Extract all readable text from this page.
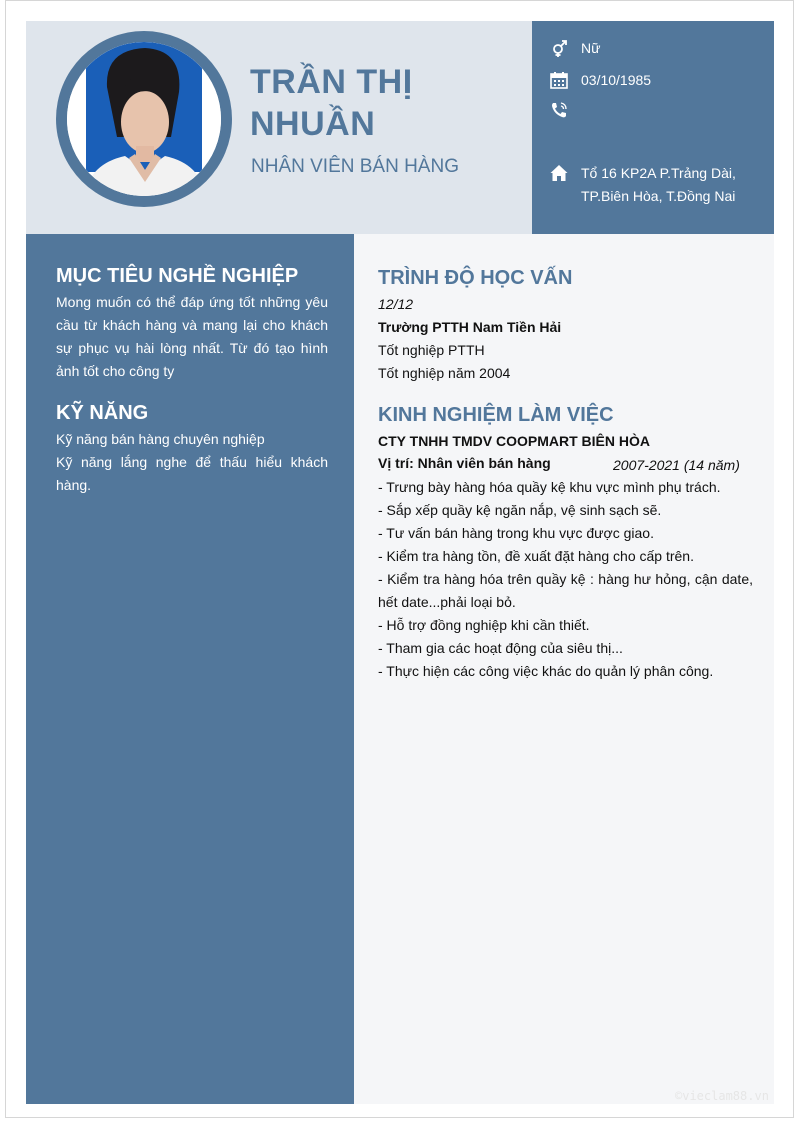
TRẦN THỊ
NHUẦN
NHÂN VIÊN BÁN HÀNG
Nữ
03/10/1985
Tổ 16 KP2A P.Trảng Dài,
TP.Biên Hòa, T.Đồng Nai
MỤC TIÊU NGHỀ NGHIỆP
Mong muốn có thể đáp ứng tốt những yêu cầu từ khách hàng và mang lại cho khách sự phục vụ hài lòng nhất. Từ đó tạo hình ảnh tốt cho công ty
KỸ NĂNG
Kỹ năng bán hàng chuyên nghiệp
Kỹ năng lắng nghe để thấu hiểu khách hàng.
TRÌNH ĐỘ HỌC VẤN
12/12
Trường PTTH Nam Tiền Hải
Tốt nghiệp PTTH
Tốt nghiệp năm 2004
KINH NGHIỆM LÀM VIỆC
CTY TNHH TMDV COOPMART BIÊN HÒA
Vị trí: Nhân viên bán hàng	2007-2021 (14 năm)
- Trưng bày hàng hóa quầy kệ khu vực mình phụ trách.
- Sắp xếp quầy kệ ngăn nắp, vệ sinh sạch sẽ.
- Tư vấn bán hàng trong khu vực được giao.
- Kiểm tra hàng tồn, đề xuất đặt hàng cho cấp trên.
- Kiểm tra hàng hóa trên quầy kệ : hàng hư hỏng, cận date, hết date...phải loại bỏ.
- Hỗ trợ đồng nghiệp khi cần thiết.
- Tham gia các hoạt động của siêu thị...
- Thực hiện các công việc khác do quản lý phân công.
©vieclam88.vn
